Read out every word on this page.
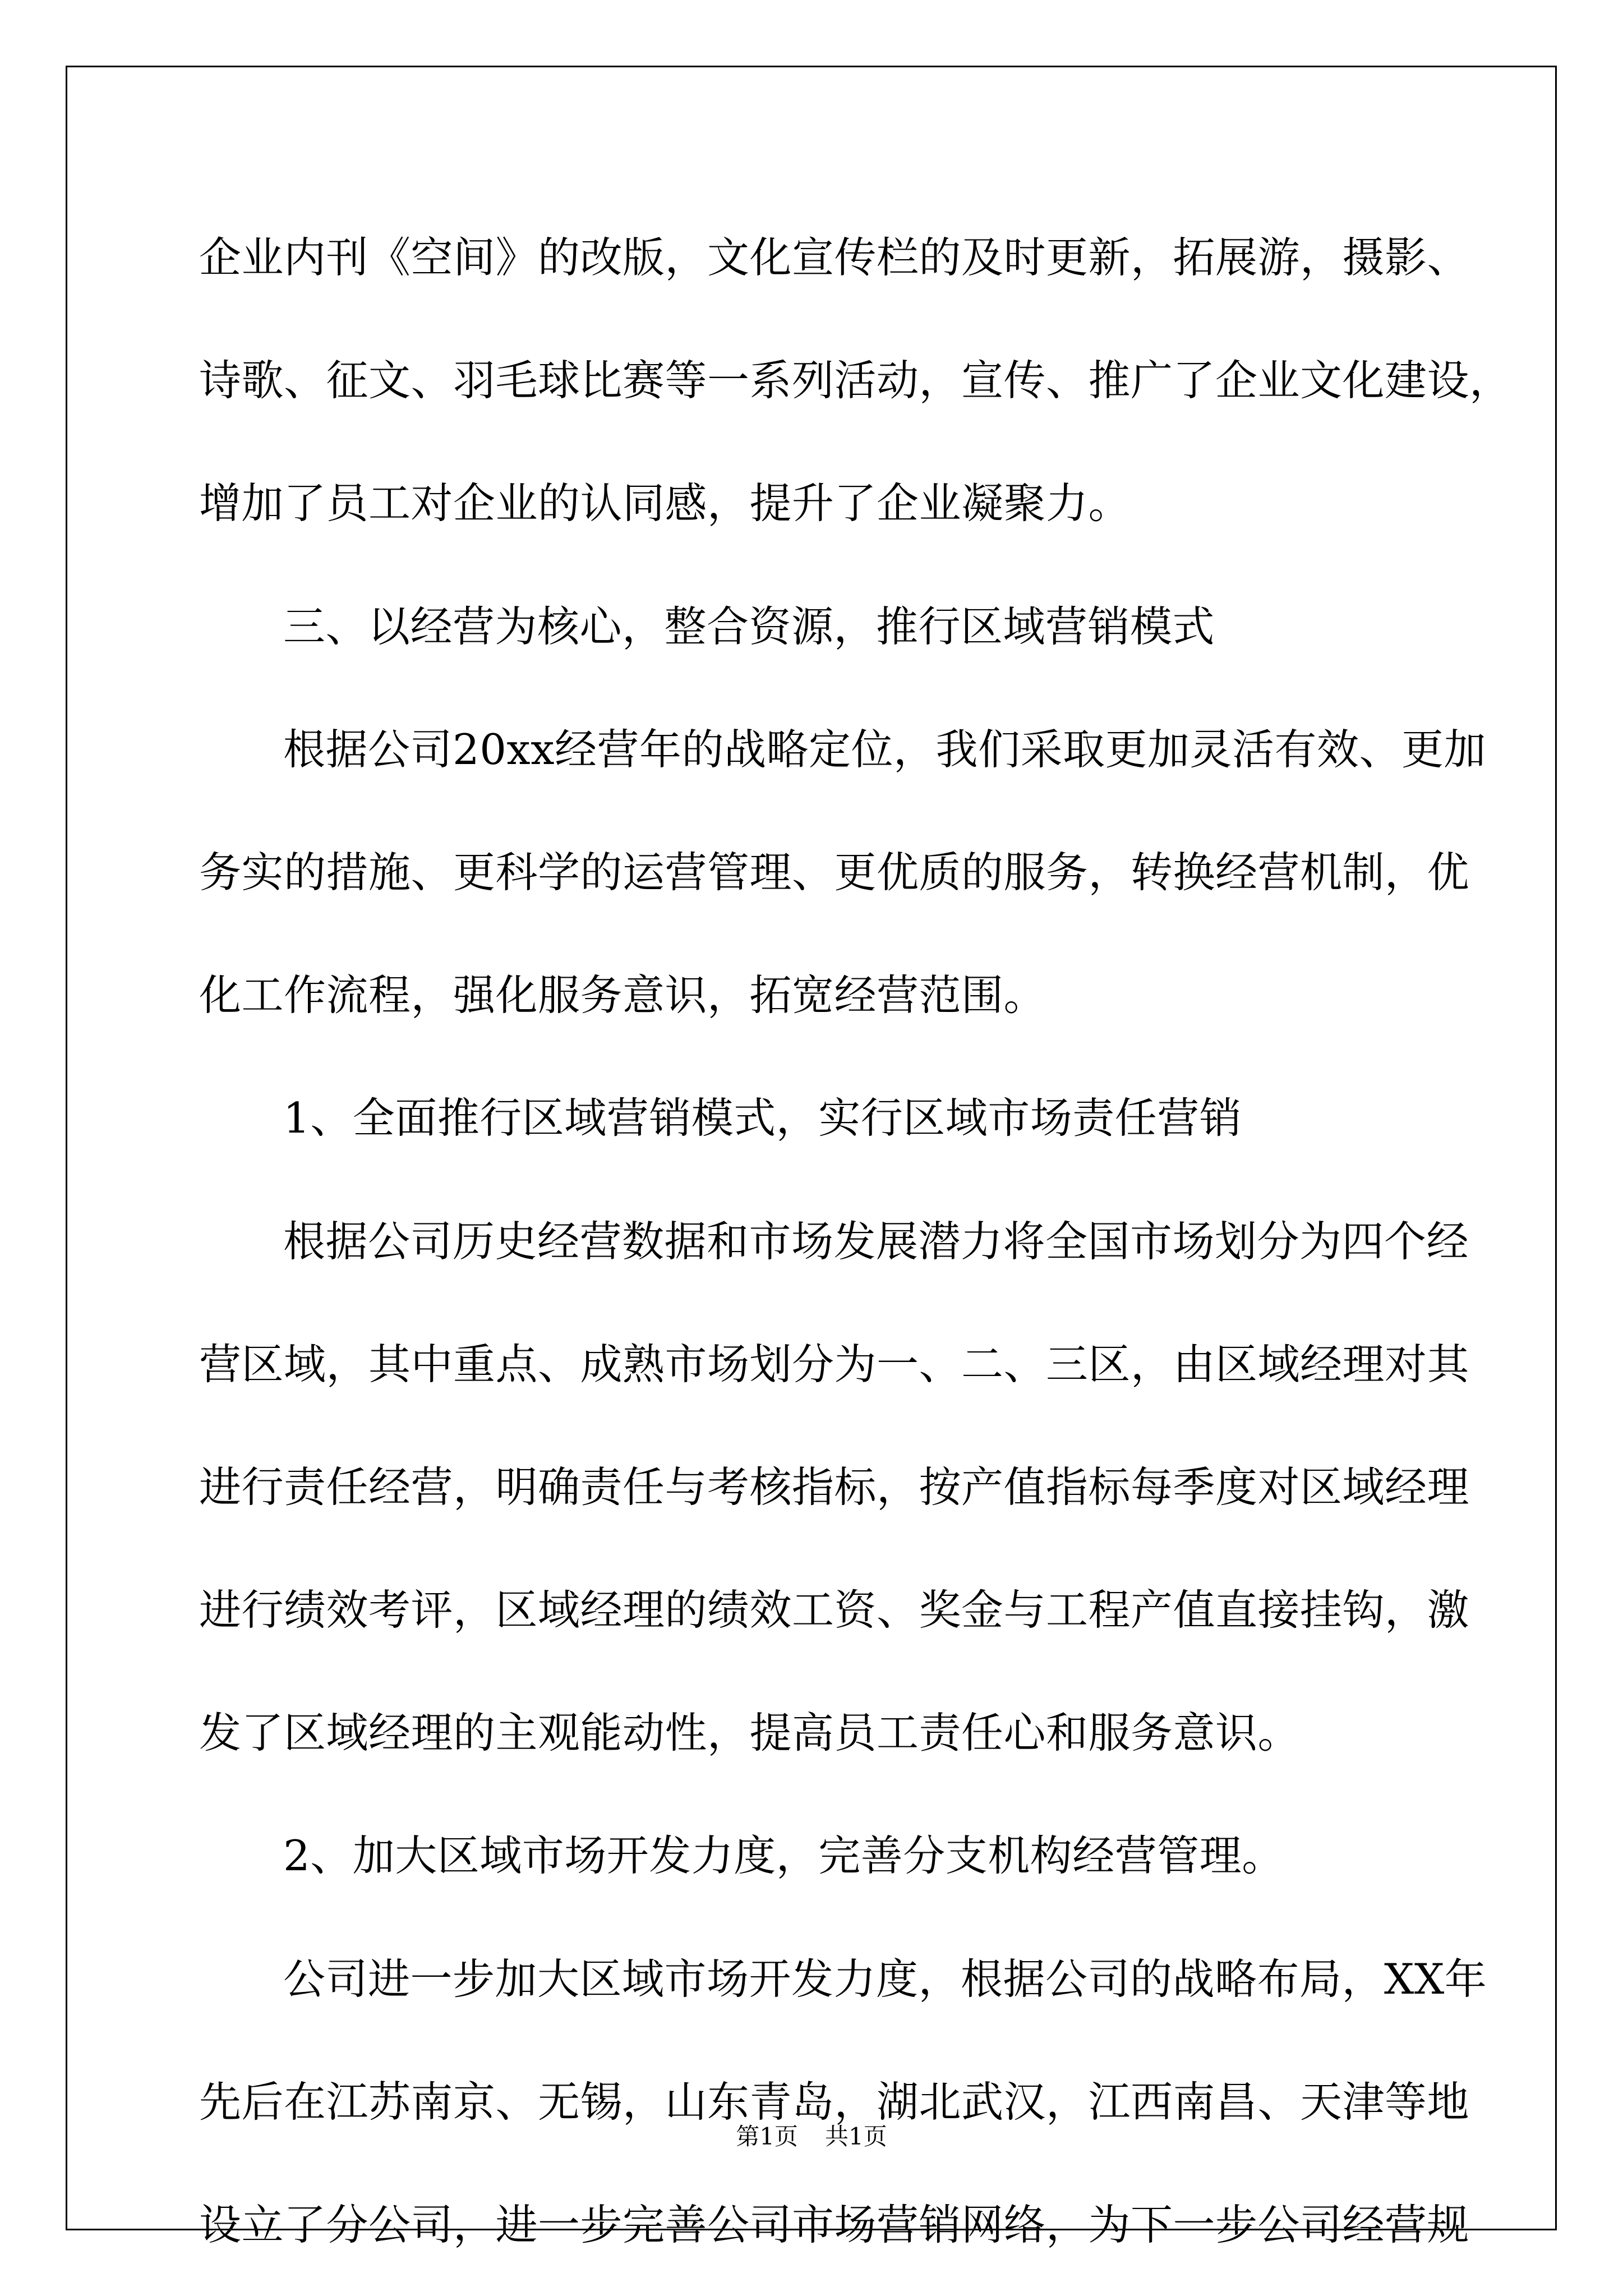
企业内刊《空间》的改版，文化宣传栏的及时更新，拓展游，摄影、
诗歌、征文、羽毛球比赛等一系列活动，宣传、推广了企业文化建设，
增加了员工对企业的认同感，提升了企业凝聚力。
三、以经营为核心，整合资源，推行区域营销模式
根据公司20xx经营年的战略定位，我们采取更加灵活有效、更加
务实的措施、更科学的运营管理、更优质的服务，转换经营机制，优
化工作流程，强化服务意识，拓宽经营范围。
1、全面推行区域营销模式，实行区域市场责任营销
根据公司历史经营数据和市场发展潜力将全国市场划分为四个经
营区域，其中重点、成熟市场划分为一、二、三区，由区域经理对其
进行责任经营，明确责任与考核指标，按产值指标每季度对区域经理
进行绩效考评，区域经理的绩效工资、奖金与工程产值直接挂钩，激
发了区域经理的主观能动性，提高员工责任心和服务意识。
2、加大区域市场开发力度，完善分支机构经营管理。
公司进一步加大区域市场开发力度，根据公司的战略布局，XX年
先后在江苏南京、无锡，山东青岛，湖北武汉，江西南昌、天津等地
设立了分公司，进一步完善公司市场营销网络，为下一步公司经营规
第1页 共1页
